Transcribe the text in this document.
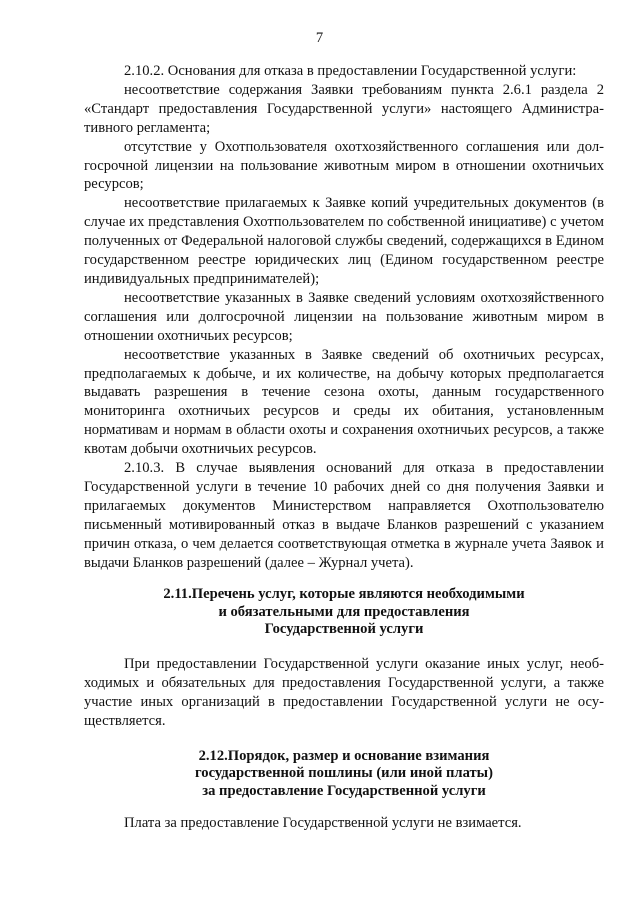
7

2.10.2. Основания для отказа в предоставлении Государственной услуги:

несоответствие содержания Заявки требованиям пункта 2.6.1 раздела 2 «Стандарт предоставления Государственной услуги» настоящего Административного регламента;

отсутствие у Охотпользователя охотхозяйственного соглашения или долгосрочной лицензии на пользование животным миром в отношении охотничьих ресурсов;

несоответствие прилагаемых к Заявке копий учредительных документов (в случае их представления Охотпользователем по собственной инициативе) с учетом полученных от Федеральной налоговой службы сведений, содержащихся в Едином государственном реестре юридических лиц (Едином государственном реестре индивидуальных предпринимателей);

несоответствие указанных в Заявке сведений условиям охотхозяйственного соглашения или долгосрочной лицензии на пользование животным миром в отношении охотничьих ресурсов;

несоответствие указанных в Заявке сведений об охотничьих ресурсах, предполагаемых к добыче, и их количестве, на добычу которых предполагается выдавать разрешения в течение сезона охоты, данным государственного мониторинга охотничьих ресурсов и среды их обитания, установленным нормативам и нормам в области охоты и сохранения охотничьих ресурсов, а также квотам добычи охотничьих ресурсов.

2.10.3. В случае выявления оснований для отказа в предоставлении Государственной услуги в течение 10 рабочих дней со дня получения Заявки и прилагаемых документов Министерством направляется Охотпользователю письменный мотивированный отказ в выдаче Бланков разрешений с указанием причин отказа, о чем делается соответствующая отметка в журнале учета Заявок и выдачи Бланков разрешений (далее – Журнал учета).

2.11.Перечень услуг, которые являются необходимыми
и обязательными для предоставления
Государственной услуги

При предоставлении Государственной услуги оказание иных услуг, необходимых и обязательных для предоставления Государственной услуги, а также участие иных организаций в предоставлении Государственной услуги не осуществляется.

2.12.Порядок, размер и основание взимания
государственной пошлины (или иной платы)
за предоставление Государственной услуги

Плата за предоставление Государственной услуги не взимается.
